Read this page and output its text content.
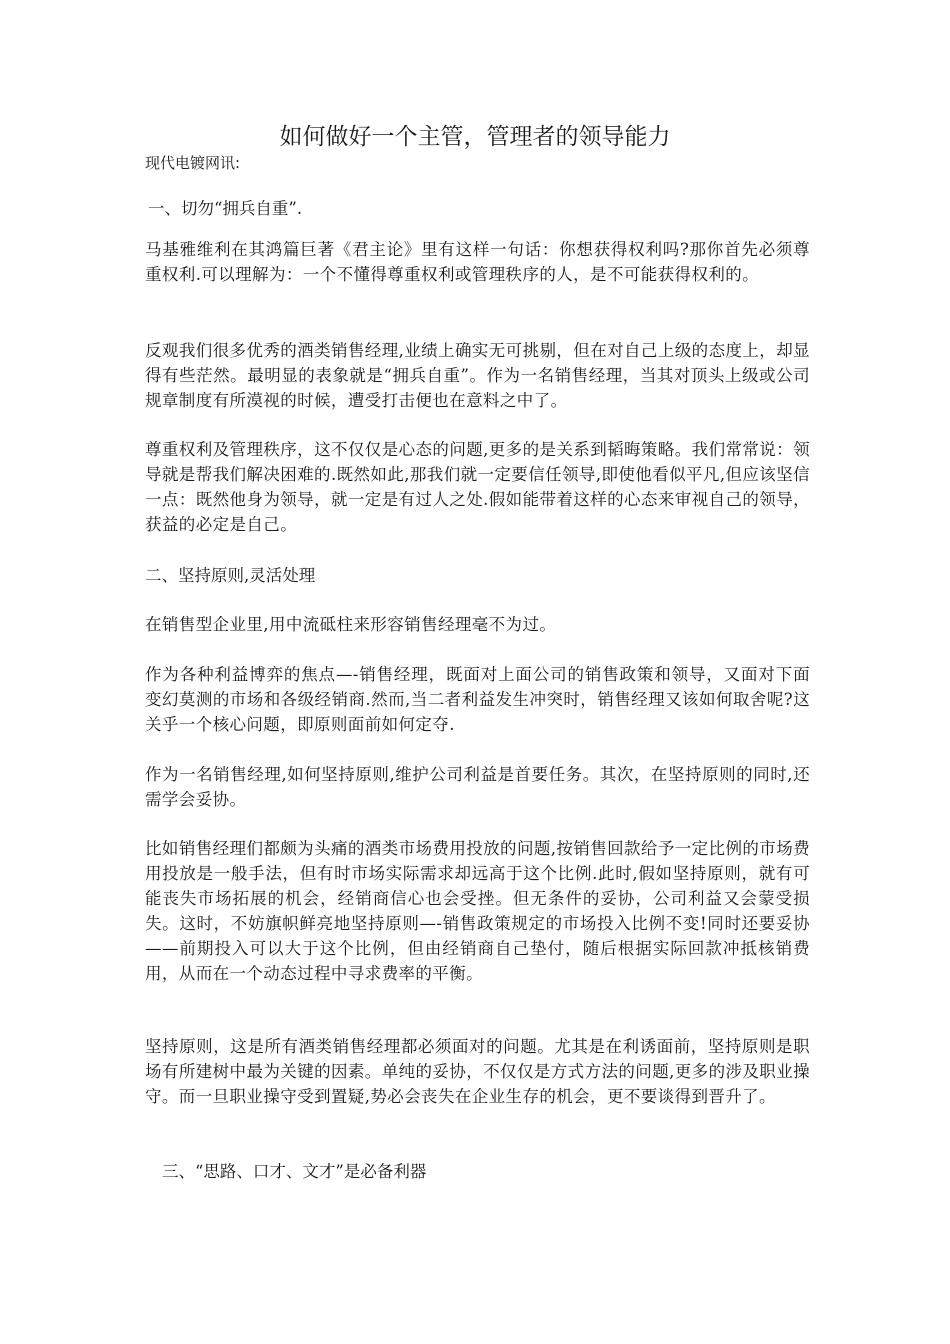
如何做好一个主管，管理者的领导能力

现代电镀网讯:

一、切勿“拥兵自重”.

马基雅维利在其鸿篇巨著《君主论》里有这样一句话：你想获得权利吗?那你首先必须尊重权利.可以理解为：一个不懂得尊重权利或管理秩序的人，是不可能获得权利的。

反观我们很多优秀的酒类销售经理,业绩上确实无可挑剔，但在对自己上级的态度上，却显得有些茫然。最明显的表象就是“拥兵自重”。作为一名销售经理，当其对顶头上级或公司规章制度有所漠视的时候，遭受打击便也在意料之中了。

尊重权利及管理秩序，这不仅仅是心态的问题,更多的是关系到韬晦策略。我们常常说：领导就是帮我们解决困难的.既然如此,那我们就一定要信任领导,即使他看似平凡,但应该坚信一点：既然他身为领导，就一定是有过人之处.假如能带着这样的心态来审视自己的领导，获益的必定是自己。

二、坚持原则,灵活处理

在销售型企业里,用中流砥柱来形容销售经理毫不为过。

作为各种利益博弈的焦点—-销售经理，既面对上面公司的销售政策和领导，又面对下面变幻莫测的市场和各级经销商.然而,当二者利益发生冲突时，销售经理又该如何取舍呢?这关乎一个核心问题，即原则面前如何定夺.

作为一名销售经理,如何坚持原则,维护公司利益是首要任务。其次，在坚持原则的同时,还需学会妥协。

比如销售经理们都颇为头痛的酒类市场费用投放的问题,按销售回款给予一定比例的市场费用投放是一般手法，但有时市场实际需求却远高于这个比例.此时,假如坚持原则，就有可能丧失市场拓展的机会，经销商信心也会受挫。但无条件的妥协，公司利益又会蒙受损失。这时，不妨旗帜鲜亮地坚持原则—-销售政策规定的市场投入比例不变!同时还要妥协——前期投入可以大于这个比例，但由经销商自己垫付，随后根据实际回款冲抵核销费用，从而在一个动态过程中寻求费率的平衡。

坚持原则，这是所有酒类销售经理都必须面对的问题。尤其是在利诱面前，坚持原则是职场有所建树中最为关键的因素。单纯的妥协，不仅仅是方式方法的问题,更多的涉及职业操守。而一旦职业操守受到置疑,势必会丧失在企业生存的机会，更不要谈得到晋升了。

三、“思路、口才、文才”是必备利器
